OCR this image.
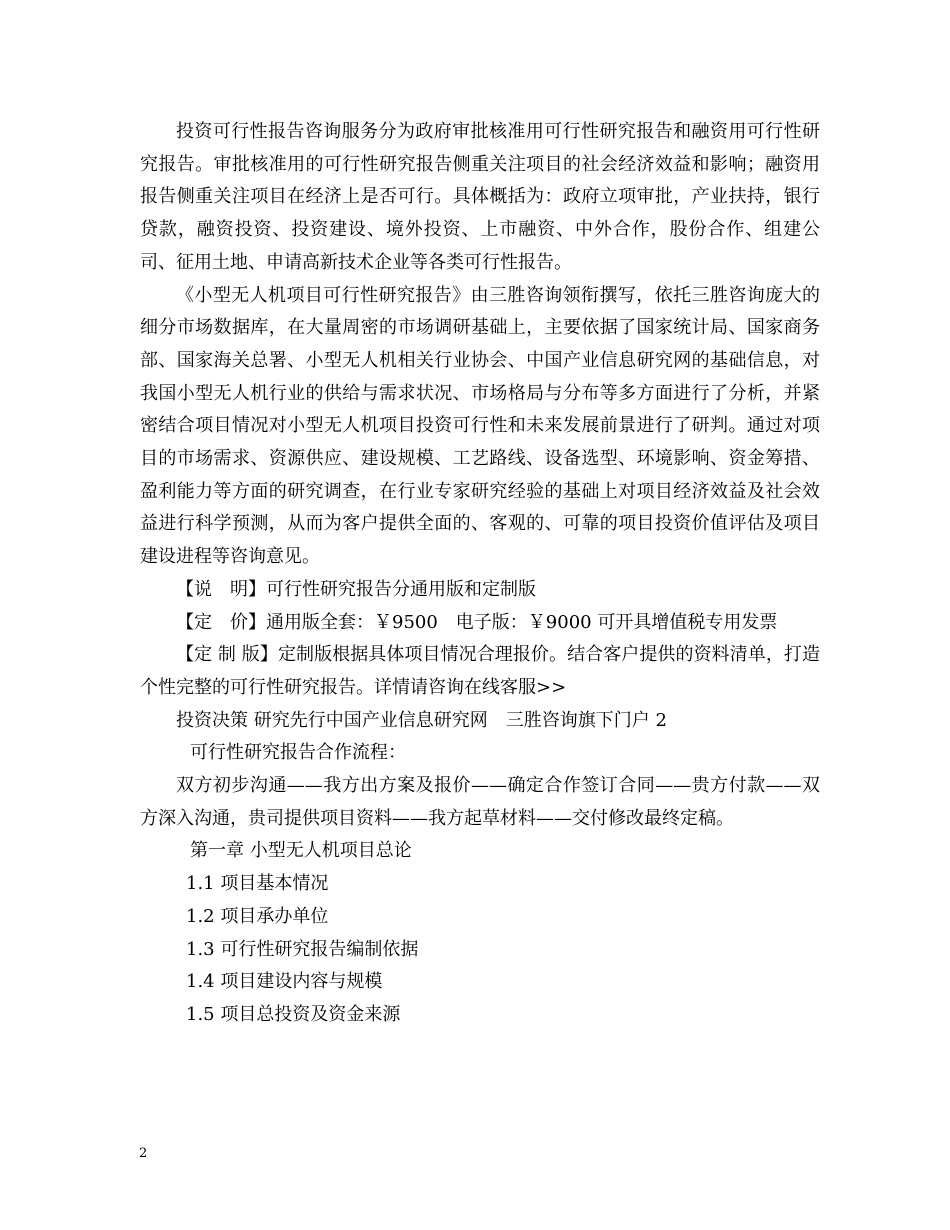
投资可行性报告咨询服务分为政府审批核准用可行性研究报告和融资用可行性研究报告。审批核准用的可行性研究报告侧重关注项目的社会经济效益和影响；融资用报告侧重关注项目在经济上是否可行。具体概括为：政府立项审批，产业扶持，银行贷款，融资投资、投资建设、境外投资、上市融资、中外合作，股份合作、组建公司、征用土地、申请高新技术企业等各类可行性报告。

《小型无人机项目可行性研究报告》由三胜咨询领衔撰写，依托三胜咨询庞大的细分市场数据库，在大量周密的市场调研基础上，主要依据了国家统计局、国家商务部、国家海关总署、小型无人机相关行业协会、中国产业信息研究网的基础信息，对我国小型无人机行业的供给与需求状况、市场格局与分布等多方面进行了分析，并紧密结合项目情况对小型无人机项目投资可行性和未来发展前景进行了研判。通过对项目的市场需求、资源供应、建设规模、工艺路线、设备选型、环境影响、资金筹措、盈利能力等方面的研究调查，在行业专家研究经验的基础上对项目经济效益及社会效益进行科学预测，从而为客户提供全面的、客观的、可靠的项目投资价值评估及项目建设进程等咨询意见。

【说　明】可行性研究报告分通用版和定制版

【定　价】通用版全套：￥9500　电子版：￥9000 可开具增值税专用发票

【定 制 版】定制版根据具体项目情况合理报价。结合客户提供的资料清单，打造个性完整的可行性研究报告。详情请咨询在线客服>>

投资决策 研究先行中国产业信息研究网　三胜咨询旗下门户 2

可行性研究报告合作流程：

双方初步沟通——我方出方案及报价——确定合作签订合同——贵方付款——双方深入沟通，贵司提供项目资料——我方起草材料——交付修改最终定稿。

第一章 小型无人机项目总论

1.1 项目基本情况

1.2 项目承办单位

1.3 可行性研究报告编制依据

1.4 项目建设内容与规模

1.5 项目总投资及资金来源

2
